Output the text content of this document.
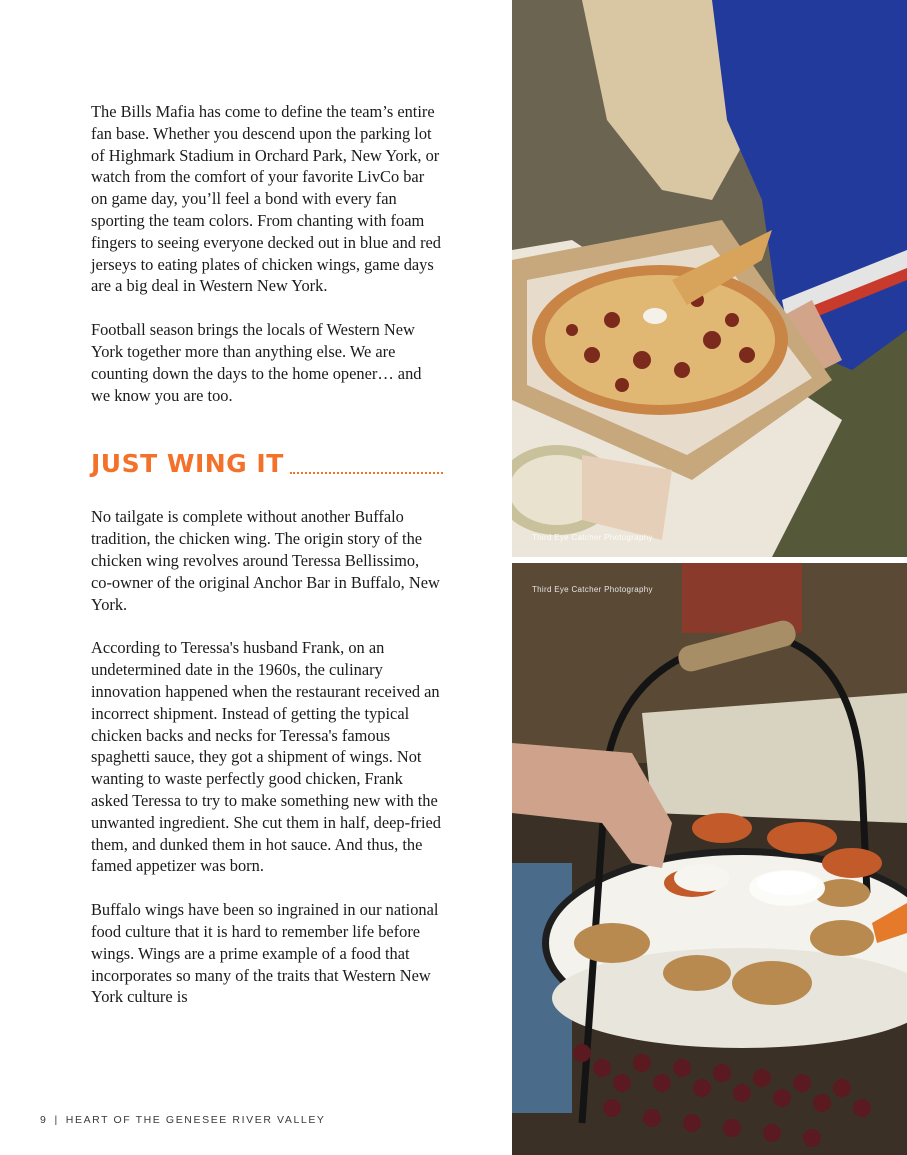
The Bills Mafia has come to define the team’s entire fan base. Whether you descend upon the parking lot of Highmark Stadium in Orchard Park, New York, or watch from the comfort of your favorite LivCo bar on game day, you’ll feel a bond with every fan sporting the team colors. From chanting with foam fingers to seeing everyone decked out in blue and red jerseys to eating plates of chicken wings, game days are a big deal in Western New York.

Football season brings the locals of Western New York together more than anything else. We are counting down the days to the home opener… and we know you are too.

JUST WING IT

No tailgate is complete without another Buffalo tradition, the chicken wing. The origin story of the chicken wing revolves around Teressa Bellissimo, co-owner of the original Anchor Bar in Buffalo, New York.

According to Teressa's husband Frank, on an undetermined date in the 1960s, the culinary innovation happened when the restaurant received an incorrect shipment. Instead of getting the typical chicken backs and necks for Teressa's famous spaghetti sauce, they got a shipment of wings. Not wanting to waste perfectly good chicken, Frank asked Teressa to try to make something new with the unwanted ingredient. She cut them in half, deep-fried them, and dunked them in hot sauce. And thus, the famed appetizer was born.

Buffalo wings have been so ingrained in our national food culture that it is hard to remember life before wings. Wings are a prime example of a food that incorporates so many of the traits that Western New York culture is

9 | HEART OF THE GENESEE RIVER VALLEY
Third Eye Catcher Photography
Third Eye Catcher Photography
